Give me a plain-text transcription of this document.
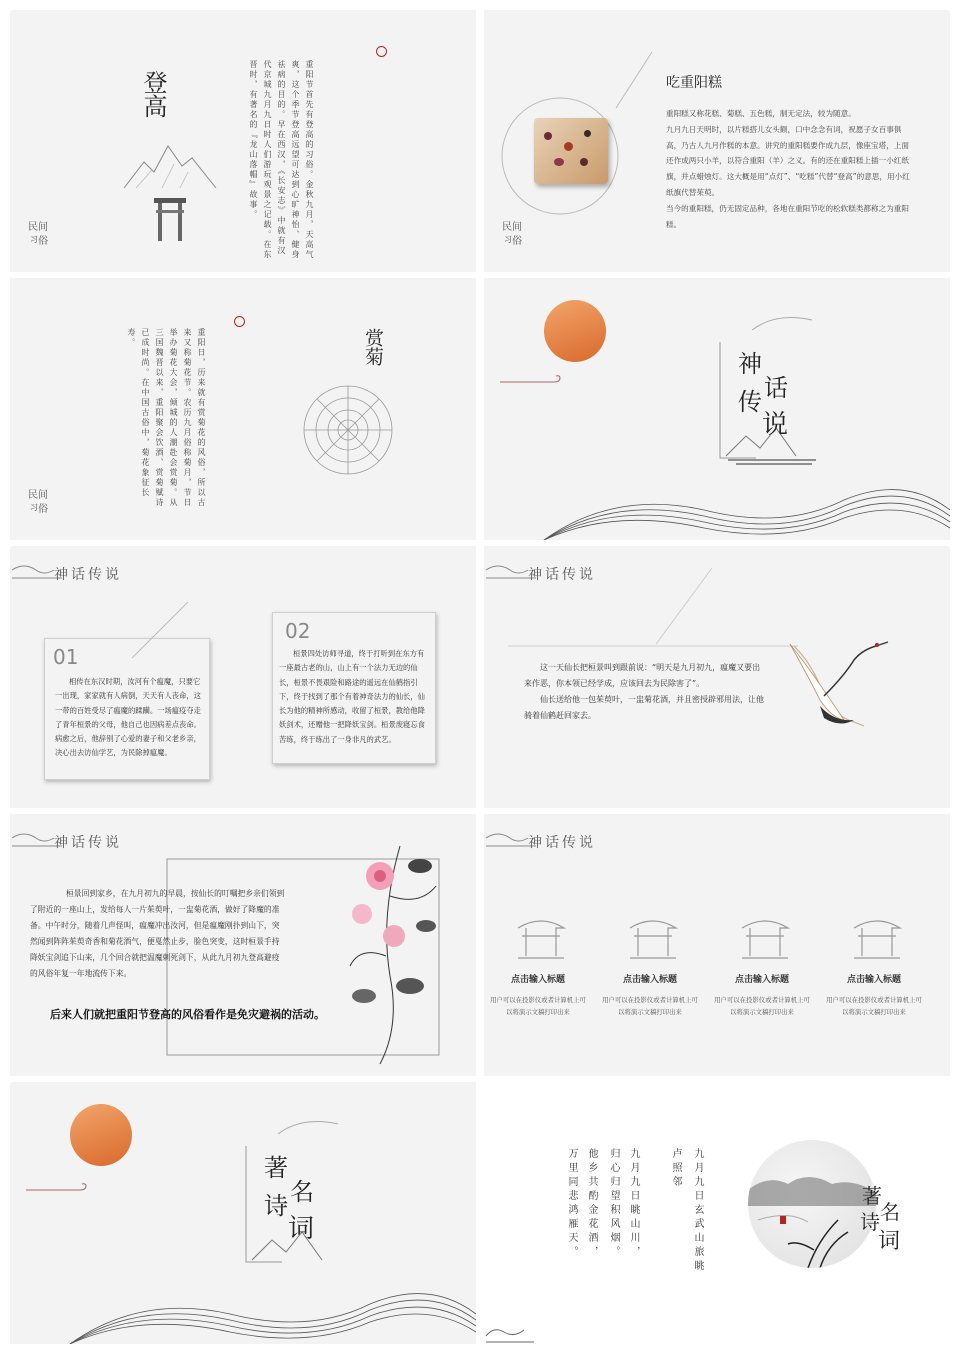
登高	重阳节首先有登高的习俗。金秋九月，天高气爽，这个季节登高远望可达到心旷神怡、健身祛病的目的。早在西汉，《长安志》中就有汉代京城九月九日时人们游玩观景之记载。在东晋时，有著名的『龙山落帽』故事。
民
习
间
俗
吃重阳糕
重阳糕又称花糕、菊糕、五色糕，制无定法，较为随意。
九月九日天明时，以片糕搭儿女头额，口中念念有词，祝愿子女百事俱高，乃古人九月作糕的本意。讲究的重阳糕要作成九层，像座宝塔，上面还作成两只小羊，以符合重阳（羊）之义。有的还在重阳糕上插一小红纸旗，并点蜡烛灯。这大概是用“点灯”、“吃糕”代替“登高”的意思，用小红纸旗代替茱萸。
当今的重阳糕，仍无固定品种，各地在重阳节吃的松软糕类都称之为重阳糕。
民
习
间
俗
重阳日，历来就有赏菊花的风俗，所以古来又称菊花节。农历九月俗称菊月，节日举办菊花大会，倾城的人潮赴会赏菊。从三国魏晋以来，重阳聚会饮酒、赏菊赋诗已成时尚。在中国古俗中，菊花象征长寿。	赏菊
民
习
间
俗
神
话
传
说
神话传说
01
相传在东汉时期，汝河有个瘟魔，只要它一出现，家家就有人病倒，天天有人丧命，这一带的百姓受尽了瘟魔的蹂躏。一场瘟疫夺走了青年桓景的父母，他自己也因病差点丧命。病愈之后，他辞别了心爱的妻子和父老乡亲，决心出去访仙学艺，为民除掉瘟魔。
02
桓景四处访师寻道，终于打听到在东方有一座最古老的山，山上有一个法力无边的仙长，桓景不畏艰险和路途的遥远在仙鹤指引下，终于找到了那个有着神奇法力的仙长，仙长为他的精神所感动，收留了桓景，教给他降妖剑术，还赠他一把降妖宝剑。桓景废寝忘食苦练，终于练出了一身非凡的武艺。
神话传说
这一天仙长把桓景叫到跟前说：“明天是九月初九，瘟魔又要出来作恶，你本领已经学成，应该回去为民除害了”。
仙长送给他一包茱萸叶，一盅菊花酒，并且密授辟邪用法，让他骑着仙鹤赶回家去。
神话传说
桓景回到家乡，在九月初九的早晨，按仙长的叮嘱把乡亲们领到了附近的一座山上，发给每人一片茱萸叶，一盅菊花酒，做好了降魔的准备。中午时分，随着几声怪叫，瘟魔冲出汝河，但是瘟魔刚扑到山下，突然闻到阵阵茱萸奇香和菊花酒气，便戛然止步，脸色突变，这时桓景手持降妖宝剑追下山来，几个回合就把温魔刺死剑下，从此九月初九登高避疫的风俗年复一年地流传下来。
后来人们就把重阳节登高的风俗看作是免灾避祸的活动。
神话传说
点击输入标题
用户可以在投影仪或者计算机上可以将演示文稿打印出来
点击输入标题
用户可以在投影仪或者计算机上可以将演示文稿打印出来
点击输入标题
用户可以在投影仪或者计算机上可以将演示文稿打印出来
点击输入标题
用户可以在投影仪或者计算机上可以将演示文稿打印出来
著
名
诗
词	九月九日玄武山旅眺
卢照邻
九月九日眺山川，
归心归望积风烟。
他乡共酌金花酒，
万里同悲鸿雁天。	著
名
诗
词
